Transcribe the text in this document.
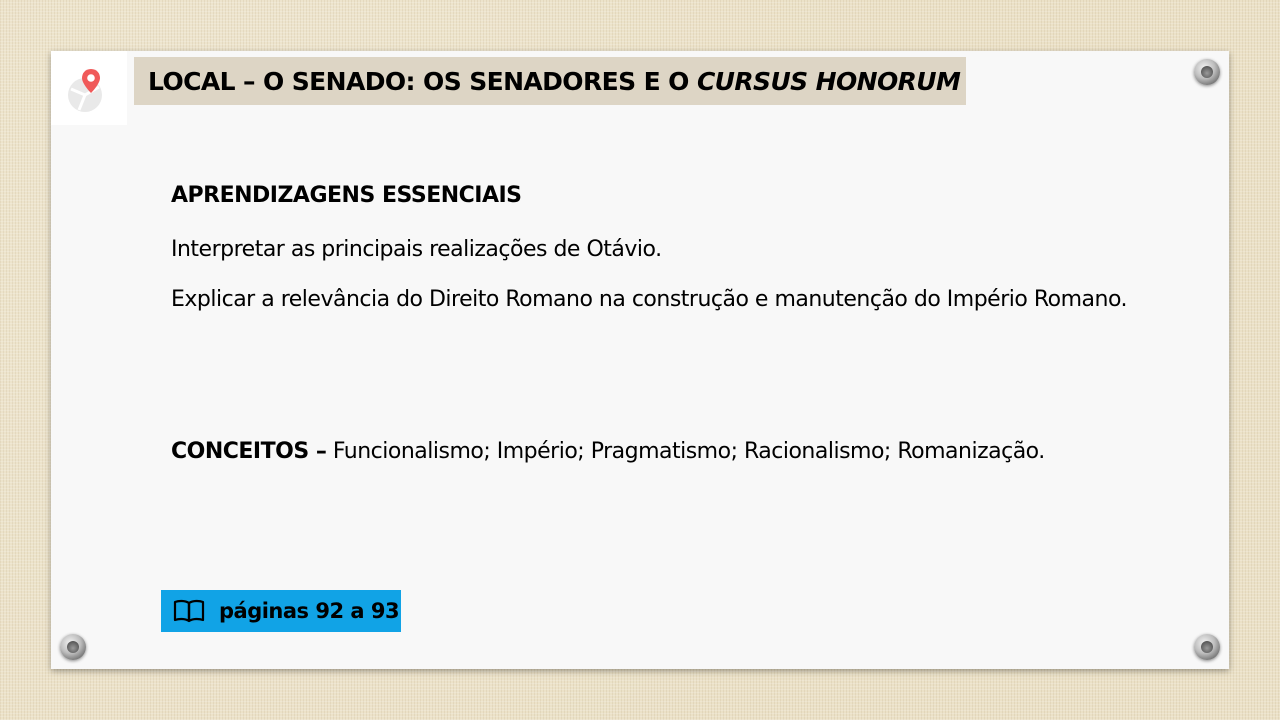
LOCAL – O SENADO: OS SENADORES E O CURSUS HONORUM

APRENDIZAGENS ESSENCIAIS

Interpretar as principais realizações de Otávio.

Explicar a relevância do Direito Romano na construção e manutenção do Império Romano.

CONCEITOS – Funcionalismo; Império; Pragmatismo; Racionalismo; Romanização.
páginas 92 a 93
